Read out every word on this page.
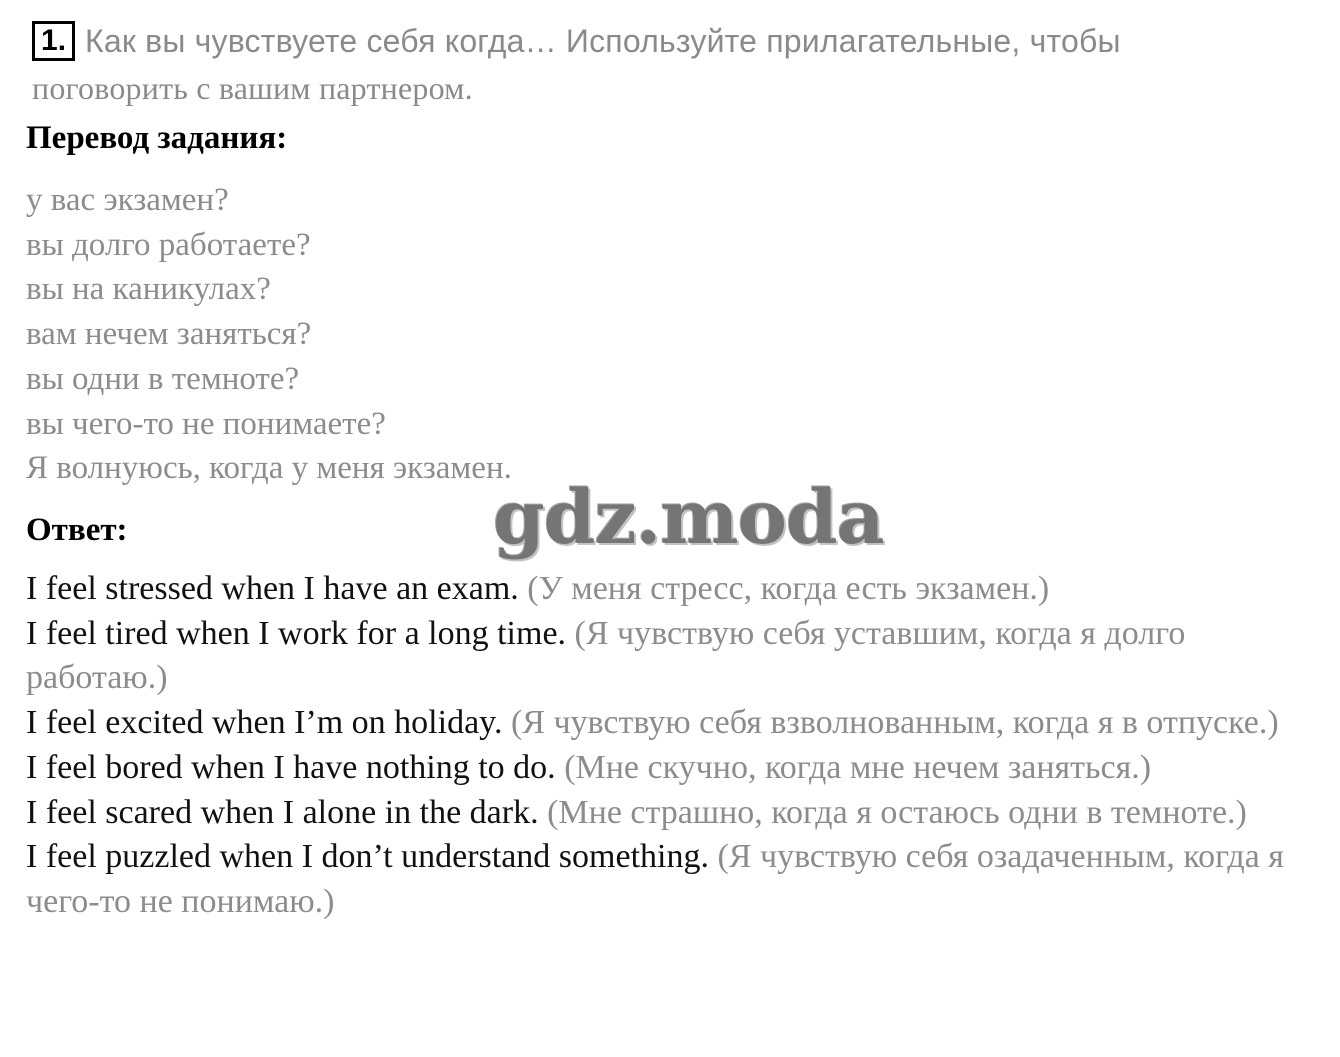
1. Как вы чувствуете себя когда… Используйте прилагательные, чтобы
поговорить с вашим партнером.
Перевод задания:
у вас экзамен?
вы долго работаете?
вы на каникулах?
вам нечем заняться?
вы одни в темноте?
вы чего-то не понимаете?
Я волнуюсь, когда у меня экзамен.
Ответ:	gdz.moda
I feel stressed when I have an exam. (У меня стресс, когда есть экзамен.)
I feel tired when I work for a long time. (Я чувствую себя уставшим, когда я долго работаю.)
I feel excited when I’m on holiday. (Я чувствую себя взволнованным, когда я в отпуске.)
I feel bored when I have nothing to do. (Мне скучно, когда мне нечем заняться.)
I feel scared when I alone in the dark. (Мне страшно, когда я остаюсь одни в темноте.)
I feel puzzled when I don’t understand something. (Я чувствую себя озадаченным, когда я чего-то не понимаю.)
